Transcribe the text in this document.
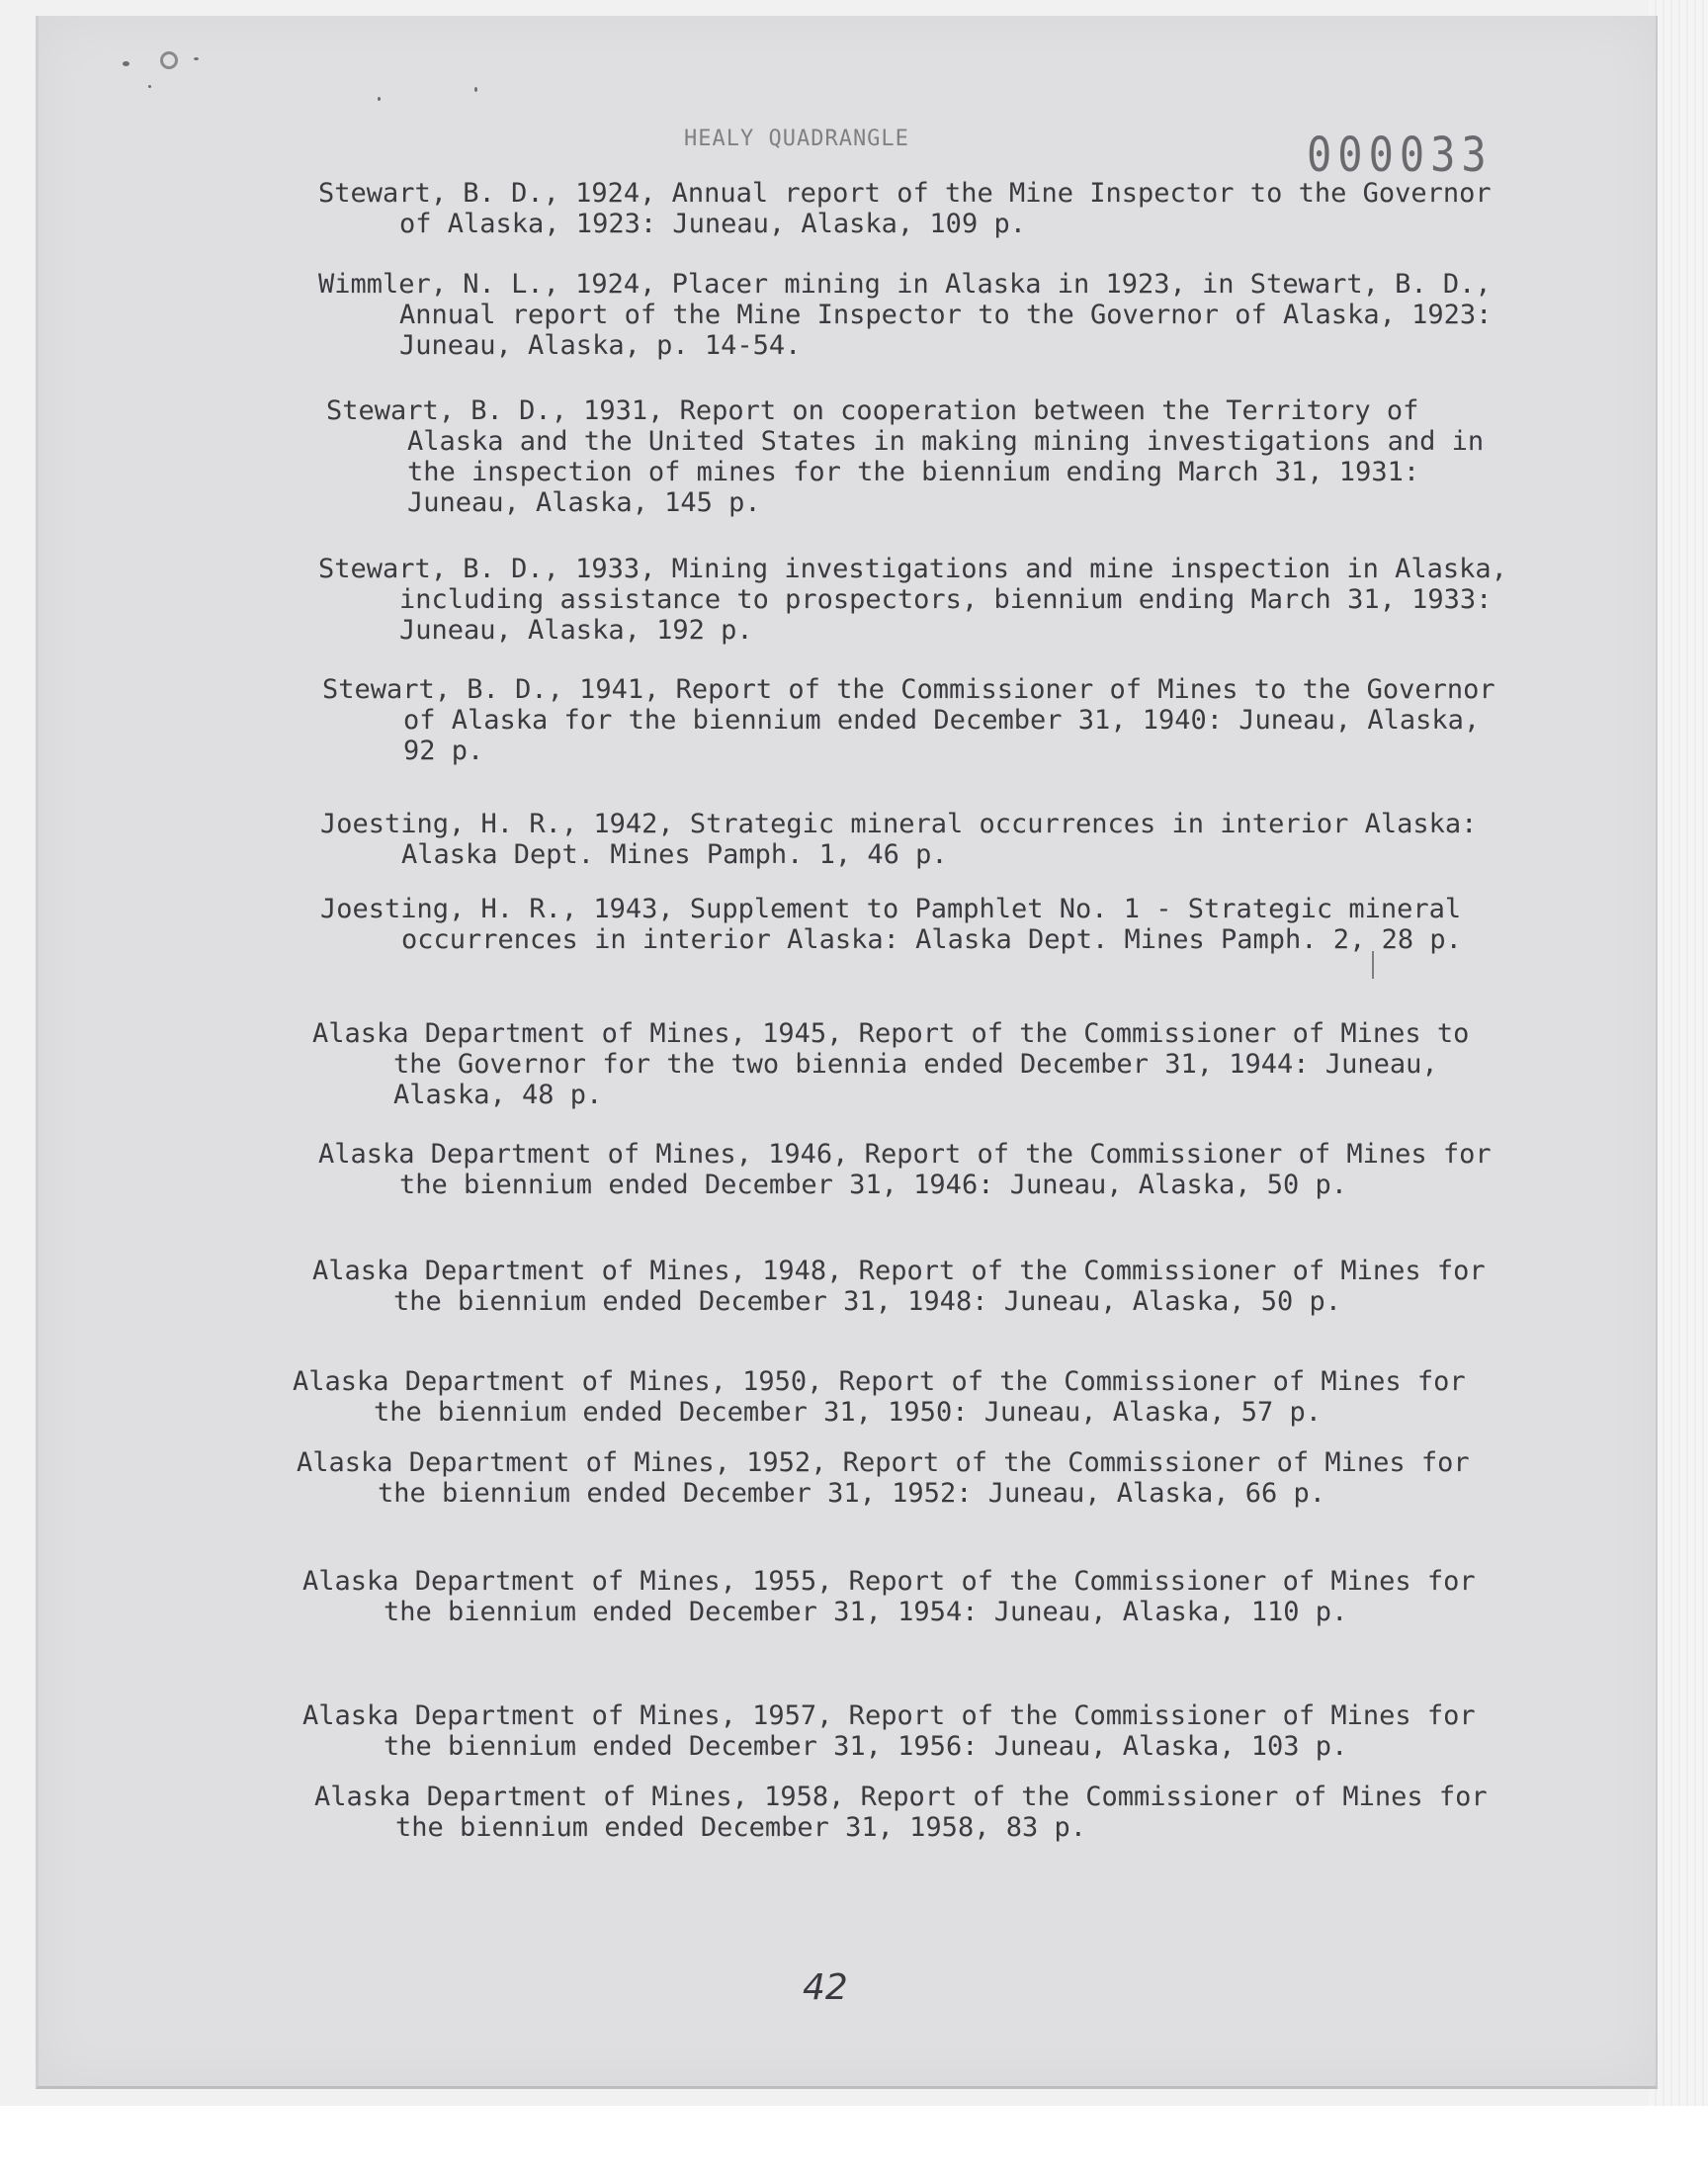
HEALY QUADRANGLE	000033

Stewart, B. D., 1924, Annual report of the Mine Inspector to the Governor of Alaska, 1923: Juneau, Alaska, 109 p.

Wimmler, N. L., 1924, Placer mining in Alaska in 1923, in Stewart, B. D., Annual report of the Mine Inspector to the Governor of Alaska, 1923: Juneau, Alaska, p. 14-54.

Stewart, B. D., 1931, Report on cooperation between the Territory of Alaska and the United States in making mining investigations and in the inspection of mines for the biennium ending March 31, 1931: Juneau, Alaska, 145 p.

Stewart, B. D., 1933, Mining investigations and mine inspection in Alaska, including assistance to prospectors, biennium ending March 31, 1933: Juneau, Alaska, 192 p.

Stewart, B. D., 1941, Report of the Commissioner of Mines to the Governor of Alaska for the biennium ended December 31, 1940: Juneau, Alaska, 92 p.

Joesting, H. R., 1942, Strategic mineral occurrences in interior Alaska: Alaska Dept. Mines Pamph. 1, 46 p.

Joesting, H. R., 1943, Supplement to Pamphlet No. 1 - Strategic mineral occurrences in interior Alaska: Alaska Dept. Mines Pamph. 2, 28 p.

Alaska Department of Mines, 1945, Report of the Commissioner of Mines to the Governor for the two biennia ended December 31, 1944: Juneau, Alaska, 48 p.

Alaska Department of Mines, 1946, Report of the Commissioner of Mines for the biennium ended December 31, 1946: Juneau, Alaska, 50 p.

Alaska Department of Mines, 1948, Report of the Commissioner of Mines for the biennium ended December 31, 1948: Juneau, Alaska, 50 p.

Alaska Department of Mines, 1950, Report of the Commissioner of Mines for the biennium ended December 31, 1950: Juneau, Alaska, 57 p.

Alaska Department of Mines, 1952, Report of the Commissioner of Mines for the biennium ended December 31, 1952: Juneau, Alaska, 66 p.

Alaska Department of Mines, 1955, Report of the Commissioner of Mines for the biennium ended December 31, 1954: Juneau, Alaska, 110 p.

Alaska Department of Mines, 1957, Report of the Commissioner of Mines for the biennium ended December 31, 1956: Juneau, Alaska, 103 p.

Alaska Department of Mines, 1958, Report of the Commissioner of Mines for the biennium ended December 31, 1958, 83 p.

42
